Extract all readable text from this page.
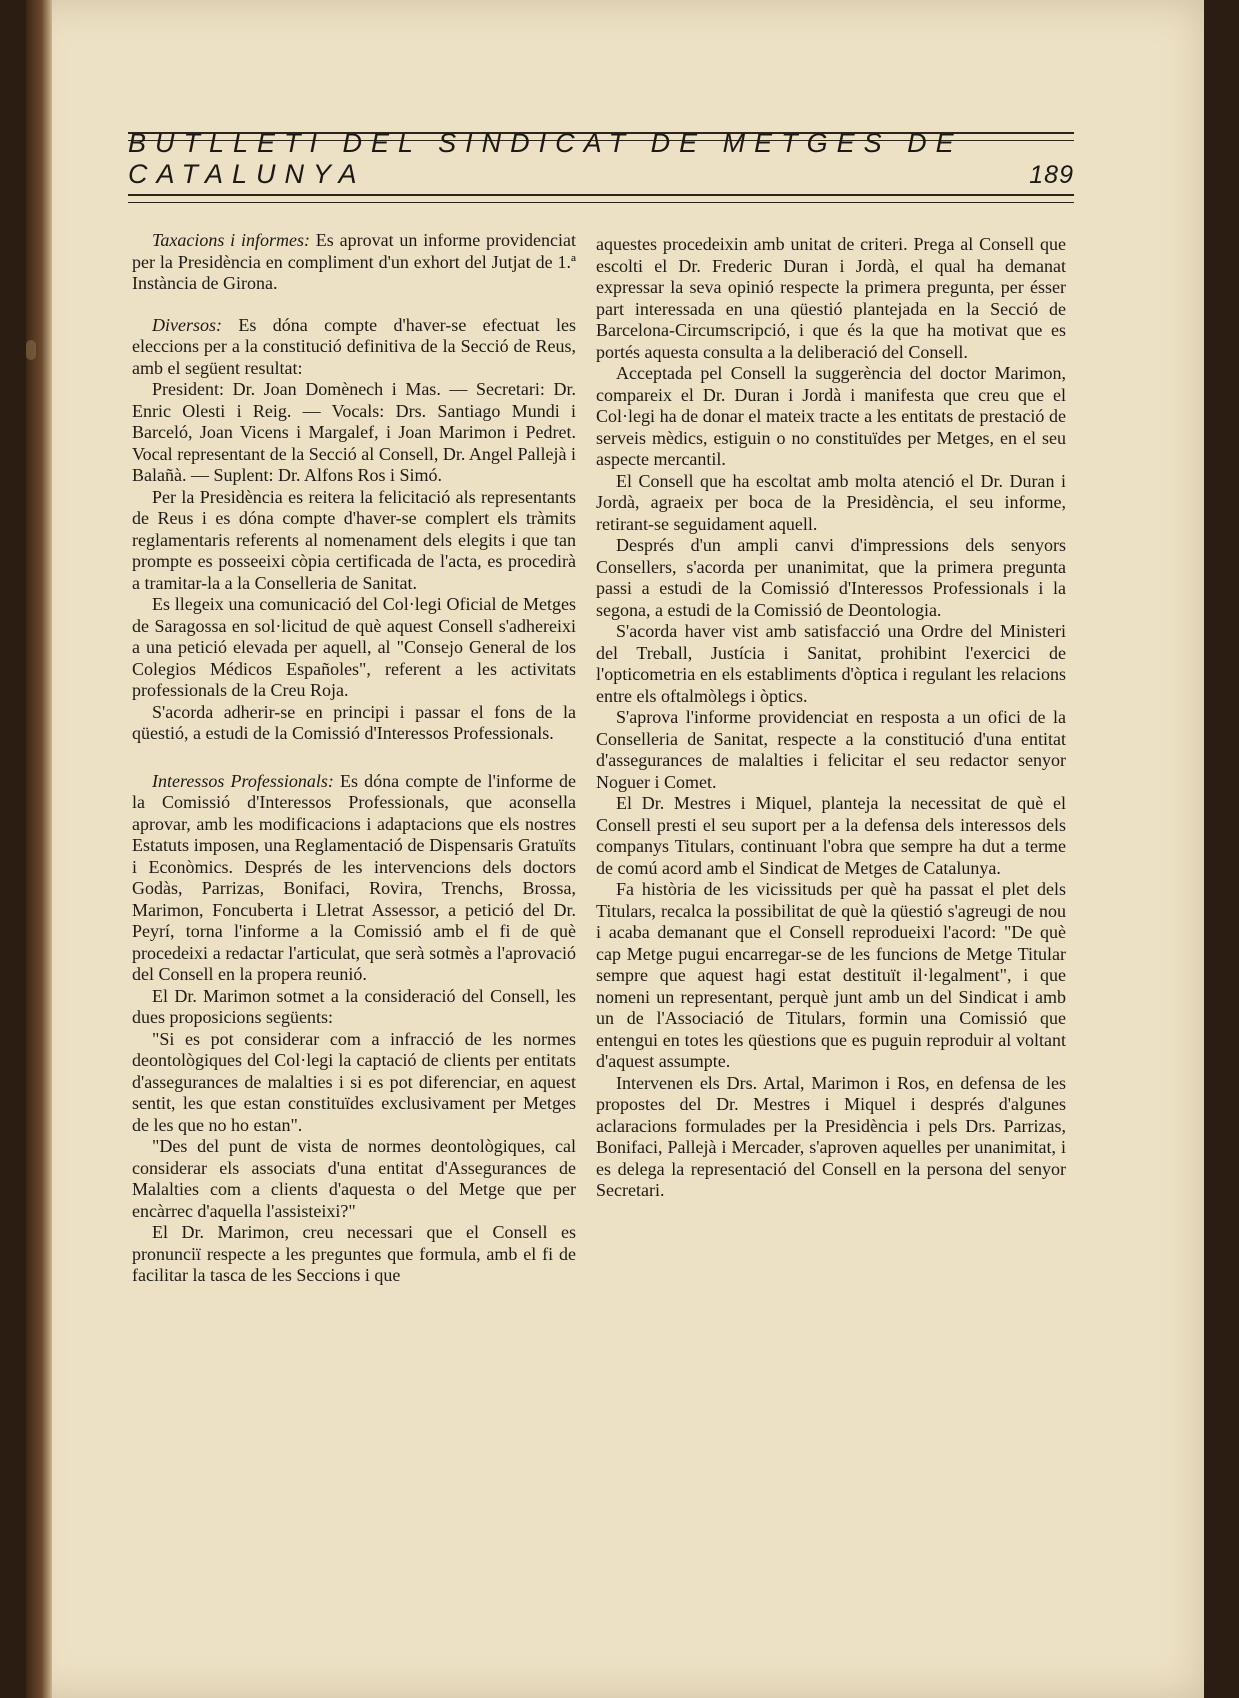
BUTLLETI DEL SINDICAT DE METGES DE CATALUNYA	189

Taxacions i informes: Es aprovat un informe providenciat per la Presidència en compliment d'un exhort del Jutjat de 1.ª Instància de Girona.

Diversos: Es dóna compte d'haver-se efectuat les eleccions per a la constitució definitiva de la Secció de Reus, amb el següent resultat:

President: Dr. Joan Domènech i Mas. — Secretari: Dr. Enric Olesti i Reig. — Vocals: Drs. Santiago Mundi i Barceló, Joan Vicens i Margalef, i Joan Marimon i Pedret. Vocal representant de la Secció al Consell, Dr. Angel Pallejà i Balañà. — Suplent: Dr. Alfons Ros i Simó.

Per la Presidència es reitera la felicitació als representants de Reus i es dóna compte d'haver-se complert els tràmits reglamentaris referents al nomenament dels elegits i que tan prompte es posseeixi còpia certificada de l'acta, es procedirà a tramitar-la a la Conselleria de Sanitat.

Es llegeix una comunicació del Col·legi Oficial de Metges de Saragossa en sol·licitud de què aquest Consell s'adhereixi a una petició elevada per aquell, al "Consejo General de los Colegios Médicos Españoles", referent a les activitats professionals de la Creu Roja.

S'acorda adherir-se en principi i passar el fons de la qüestió, a estudi de la Comissió d'Interessos Professionals.

Interessos Professionals: Es dóna compte de l'informe de la Comissió d'Interessos Professionals, que aconsella aprovar, amb les modificacions i adaptacions que els nostres Estatuts imposen, una Reglamentació de Dispensaris Gratuïts i Econòmics. Després de les intervencions dels doctors Godàs, Parrizas, Bonifaci, Rovira, Trenchs, Brossa, Marimon, Foncuberta i Lletrat Assessor, a petició del Dr. Peyrí, torna l'informe a la Comissió amb el fi de què procedeixi a redactar l'articulat, que serà sotmès a l'aprovació del Consell en la propera reunió.

El Dr. Marimon sotmet a la consideració del Consell, les dues proposicions següents:

"Si es pot considerar com a infracció de les normes deontològiques del Col·legi la captació de clients per entitats d'assegurances de malalties i si es pot diferenciar, en aquest sentit, les que estan constituïdes exclusivament per Metges de les que no ho estan".

"Des del punt de vista de normes deontològiques, cal considerar els associats d'una entitat d'Assegurances de Malalties com a clients d'aquesta o del Metge que per encàrrec d'aquella l'assisteixi?"

El Dr. Marimon, creu necessari que el Consell es pronunciï respecte a les preguntes que formula, amb el fi de facilitar la tasca de les Seccions i que

aquestes procedeixin amb unitat de criteri. Prega al Consell que escolti el Dr. Frederic Duran i Jordà, el qual ha demanat expressar la seva opinió respecte la primera pregunta, per ésser part interessada en una qüestió plantejada en la Secció de Barcelona-Circumscripció, i que és la que ha motivat que es portés aquesta consulta a la deliberació del Consell.

Acceptada pel Consell la suggerència del doctor Marimon, compareix el Dr. Duran i Jordà i manifesta que creu que el Col·legi ha de donar el mateix tracte a les entitats de prestació de serveis mèdics, estiguin o no constituïdes per Metges, en el seu aspecte mercantil.

El Consell que ha escoltat amb molta atenció el Dr. Duran i Jordà, agraeix per boca de la Presidència, el seu informe, retirant-se seguidament aquell.

Després d'un ampli canvi d'impressions dels senyors Consellers, s'acorda per unanimitat, que la primera pregunta passi a estudi de la Comissió d'Interessos Professionals i la segona, a estudi de la Comissió de Deontologia.

S'acorda haver vist amb satisfacció una Ordre del Ministeri del Treball, Justícia i Sanitat, prohibint l'exercici de l'opticometria en els establiments d'òptica i regulant les relacions entre els oftalmòlegs i òptics.

S'aprova l'informe providenciat en resposta a un ofici de la Conselleria de Sanitat, respecte a la constitució d'una entitat d'assegurances de malalties i felicitar el seu redactor senyor Noguer i Comet.

El Dr. Mestres i Miquel, planteja la necessitat de què el Consell presti el seu suport per a la defensa dels interessos dels companys Titulars, continuant l'obra que sempre ha dut a terme de comú acord amb el Sindicat de Metges de Catalunya.

Fa història de les vicissituds per què ha passat el plet dels Titulars, recalca la possibilitat de què la qüestió s'agreugi de nou i acaba demanant que el Consell reprodueixi l'acord: "De què cap Metge pugui encarregar-se de les funcions de Metge Titular sempre que aquest hagi estat destituït il·legalment", i que nomeni un representant, perquè junt amb un del Sindicat i amb un de l'Associació de Titulars, formin una Comissió que entengui en totes les qüestions que es puguin reproduir al voltant d'aquest assumpte.

Intervenen els Drs. Artal, Marimon i Ros, en defensa de les propostes del Dr. Mestres i Miquel i després d'algunes aclaracions formulades per la Presidència i pels Drs. Parrizas, Bonifaci, Pallejà i Mercader, s'aproven aquelles per unanimitat, i es delega la representació del Consell en la persona del senyor Secretari.
